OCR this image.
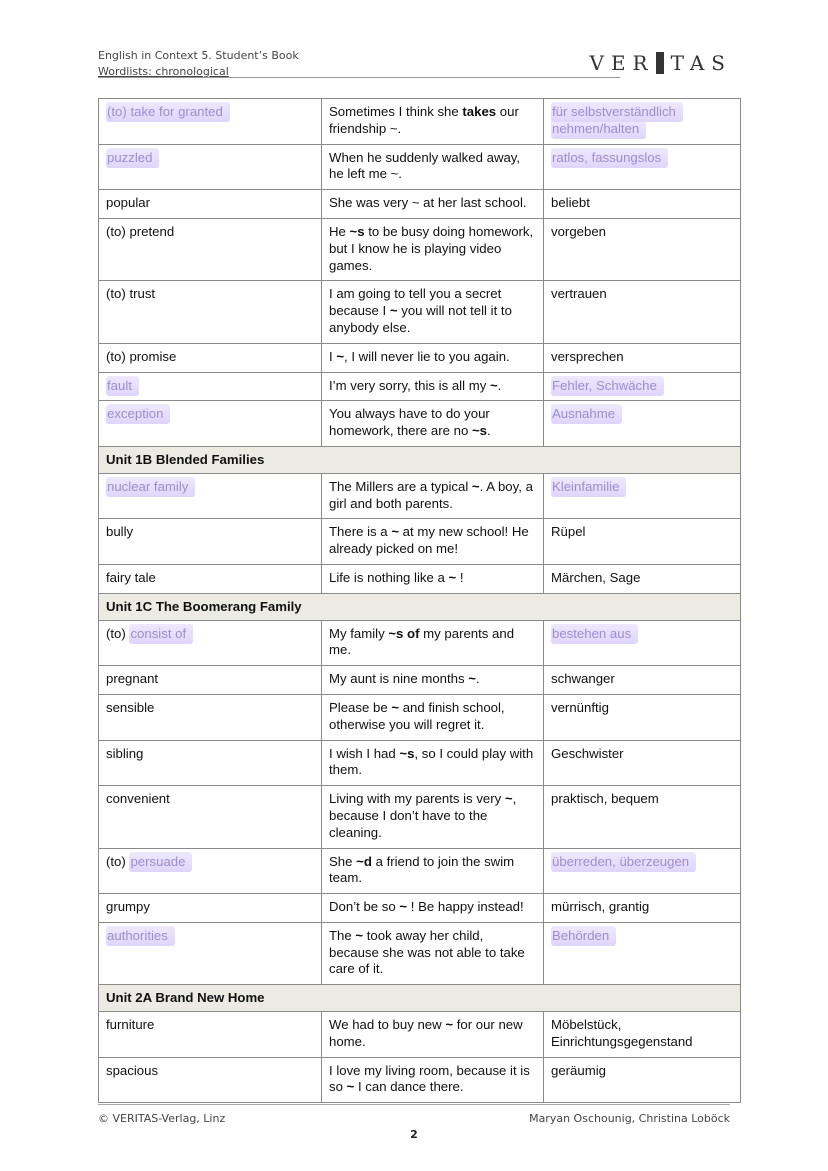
English in Context 5. Student’s Book
Wordlists: chronological	VER TAS
(to) take for granted	Sometimes I think she takes our friendship ~.	für selbstverständlich nehmen/halten
puzzled	When he suddenly walked away, he left me ~.	ratlos, fassungslos
popular	She was very ~ at her last school.	beliebt
(to) pretend	He ~s to be busy doing homework, but I know he is playing video games.	vorgeben
(to) trust	I am going to tell you a secret because I ~ you will not tell it to anybody else.	vertrauen
(to) promise	I ~, I will never lie to you again.	versprechen
fault	I’m very sorry, this is all my ~.	Fehler, Schwäche
exception	You always have to do your homework, there are no ~s.	Ausnahme
Unit 1B Blended Families		
nuclear family	The Millers are a typical ~. A boy, a girl and both parents.	Kleinfamilie
bully	There is a ~ at my new school! He already picked on me!	Rüpel
fairy tale	Life is nothing like a ~ !	Märchen, Sage
Unit 1C The Boomerang Family		
(to) consist of	My family ~s of my parents and me.	bestehen aus
pregnant	My aunt is nine months ~.	schwanger
sensible	Please be ~ and finish school, otherwise you will regret it.	vernünftig
sibling	I wish I had ~s, so I could play with them.	Geschwister
convenient	Living with my parents is very ~, because I don’t have to the cleaning.	praktisch, bequem
(to) persuade	She ~d a friend to join the swim team.	überreden, überzeugen
grumpy	Don’t be so ~ ! Be happy instead!	mürrisch, grantig
authorities	The ~ took away her child, because she was not able to take care of it.	Behörden
Unit 2A Brand New Home		
furniture	We had to buy new ~ for our new home.	Möbelstück, Einrichtungsgegenstand
spacious	I love my living room, because it is so ~ I can dance there.	geräumig
© VERITAS-Verlag, Linz	Maryan Oschounig, Christina Loböck
2
